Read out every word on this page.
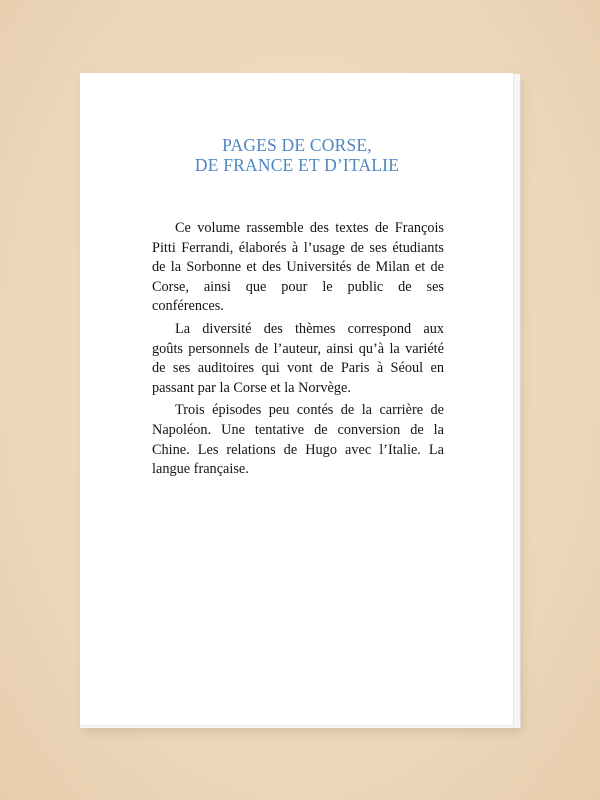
PAGES DE CORSE,
DE FRANCE ET D’ITALIE
Ce volume rassemble des textes de François
Pitti Ferrandi, élaborés à l’usage de ses étudiants
de la Sorbonne et des Universités de Milan et de
Corse, ainsi que pour le public de ses
conférences.
La diversité des thèmes correspond aux
goûts personnels de l’auteur, ainsi qu’à la variété
de ses auditoires qui vont de Paris à Séoul en
passant par la Corse et la Norvège.
Trois épisodes peu contés de la carrière de
Napoléon. Une tentative de conversion de la
Chine. Les relations de Hugo avec l’Italie. La
langue française.
